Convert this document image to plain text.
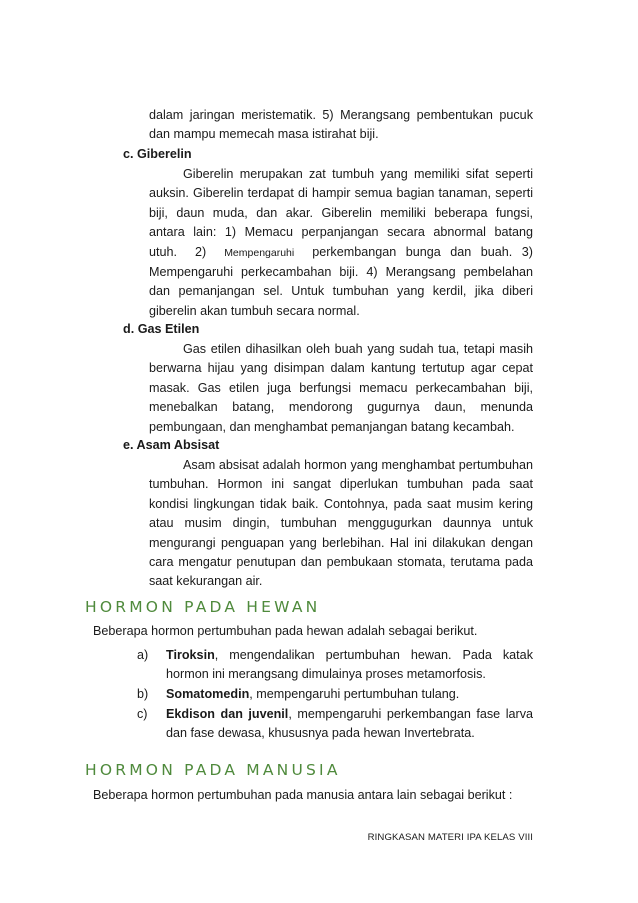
dalam jaringan meristematik. 5) Merangsang pembentukan pucuk

dan mampu memecah masa istirahat biji.

c. Giberelin

Giberelin merupakan zat tumbuh yang memiliki sifat seperti

auksin. Giberelin terdapat di hampir semua bagian tanaman, seperti

biji, daun muda, dan akar. Giberelin memiliki beberapa fungsi,

antara lain: 1) Memacu perpanjangan secara abnormal batang

utuh. 2) Mempengaruhi perkembangan bunga dan buah. 3)

Mempengaruhi perkecambahan biji. 4) Merangsang pembelahan

dan pemanjangan sel. Untuk tumbuhan yang kerdil, jika diberi

giberelin akan tumbuh secara normal.

d. Gas Etilen

Gas etilen dihasilkan oleh buah yang sudah tua, tetapi masih

berwarna hijau yang disimpan dalam kantung tertutup agar cepat

masak. Gas etilen juga berfungsi memacu perkecambahan biji,

menebalkan batang, mendorong gugurnya daun, menunda

pembungaan, dan menghambat pemanjangan batang kecambah.

e. Asam Absisat

Asam absisat adalah hormon yang menghambat pertumbuhan

tumbuhan. Hormon ini sangat diperlukan tumbuhan pada saat

kondisi lingkungan tidak baik. Contohnya, pada saat musim kering

atau musim dingin, tumbuhan menggugurkan daunnya untuk

mengurangi penguapan yang berlebihan. Hal ini dilakukan dengan

cara mengatur penutupan dan pembukaan stomata, terutama pada

saat kekurangan air.

HORMON PADA HEWAN
Beberapa hormon pertumbuhan pada hewan adalah sebagai berikut.
a) Tiroksin, mengendalikan pertumbuhan hewan. Pada katak

hormon ini merangsang dimulainya proses metamorfosis.

b) Somatomedin, mempengaruhi pertumbuhan tulang.

c) Ekdison dan juvenil, mempengaruhi perkembangan fase larva

dan fase dewasa, khususnya pada hewan Invertebrata.

HORMON PADA MANUSIA
Beberapa hormon pertumbuhan pada manusia antara lain sebagai berikut :
RINGKASAN MATERI IPA KELAS VIII
